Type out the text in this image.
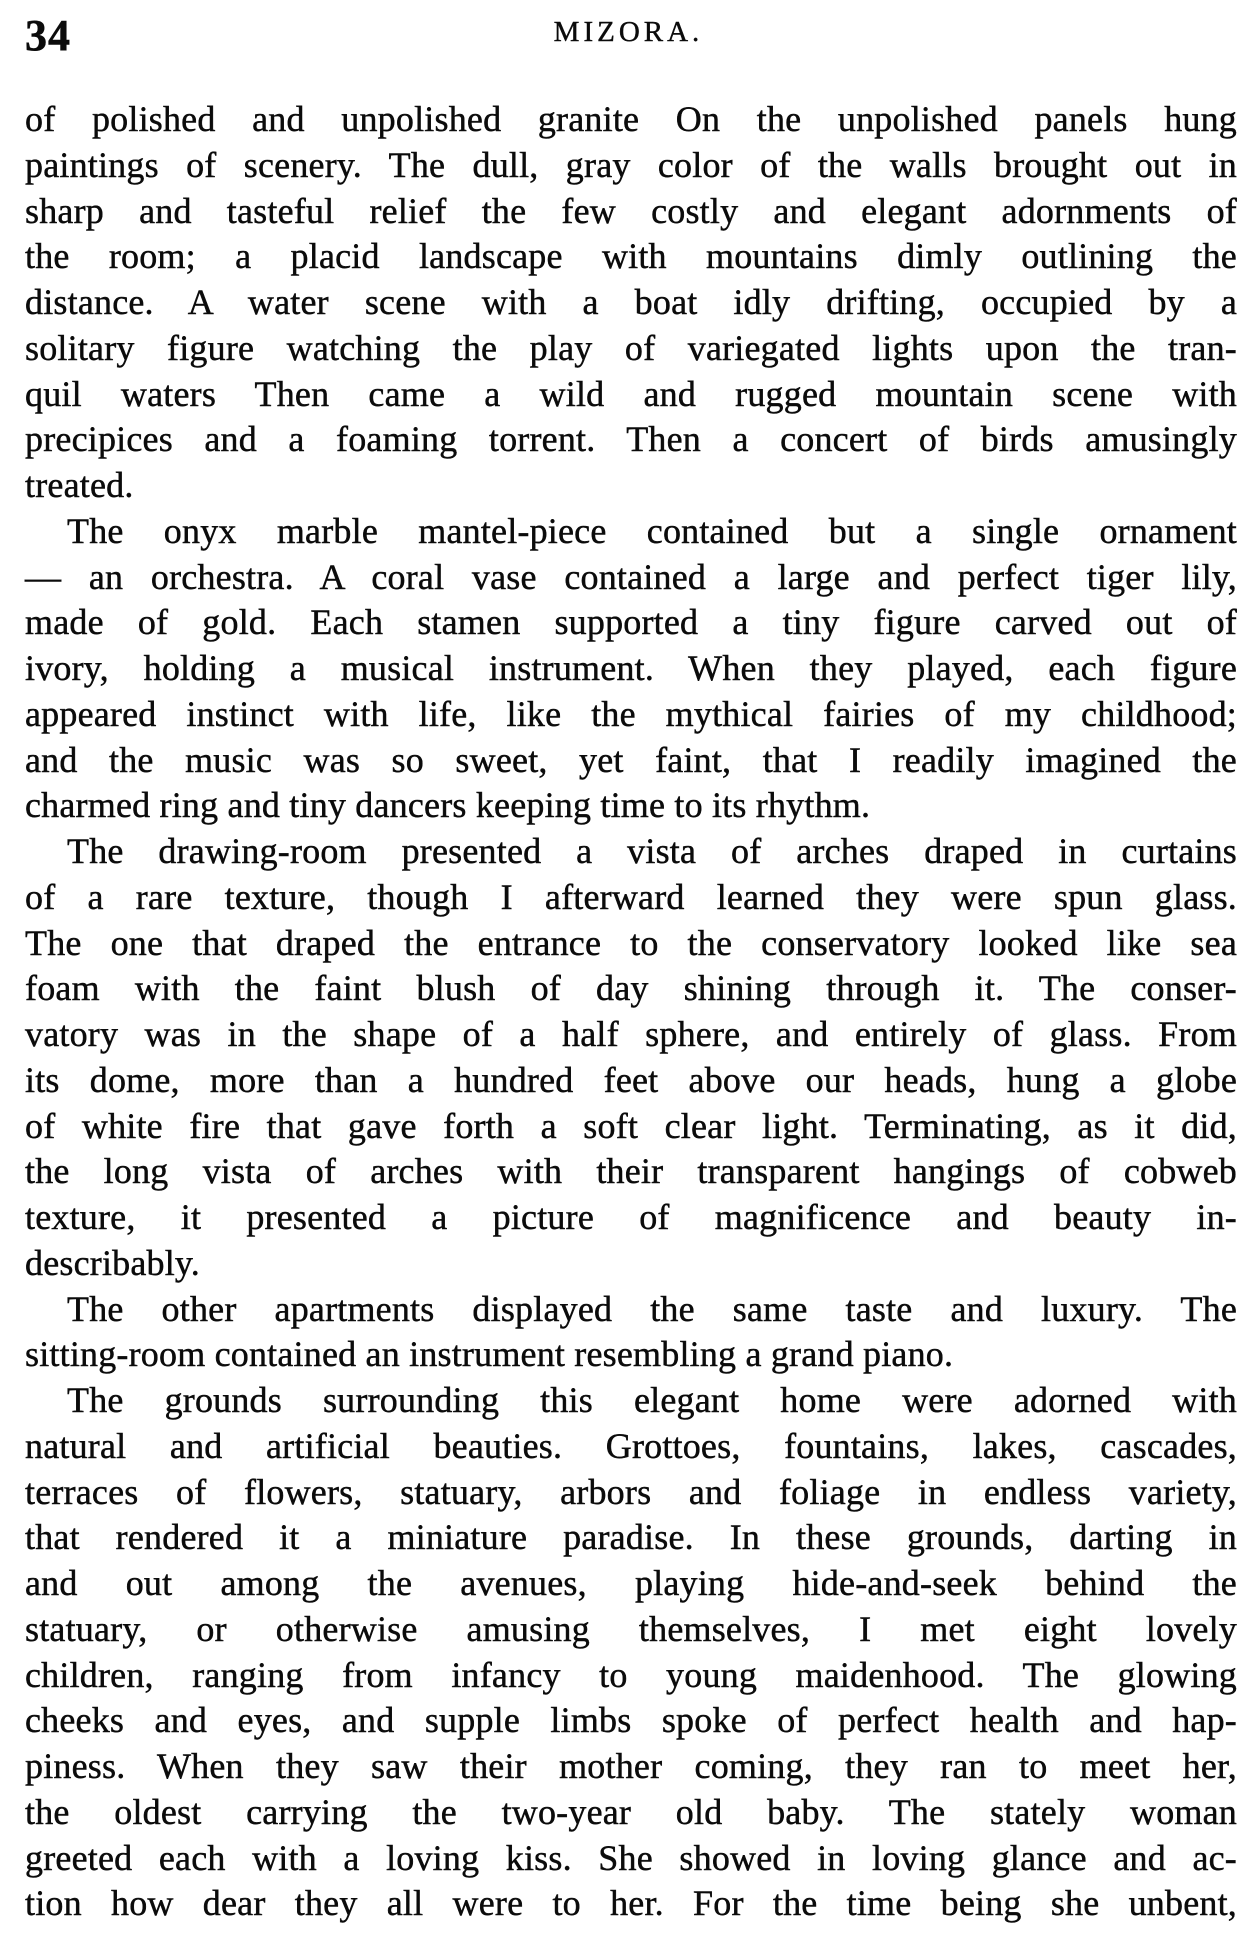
34	MIZORA.
of polished and unpolished granite On the unpolished panels hung
paintings of scenery. The dull, gray color of the walls brought out in
sharp and tasteful relief the few costly and elegant adornments of
the room; a placid landscape with mountains dimly outlining the
distance. A water scene with a boat idly drifting, occupied by a
solitary figure watching the play of variegated lights upon the tran-
quil waters Then came a wild and rugged mountain scene with
precipices and a foaming torrent. Then a concert of birds amusingly
treated.
The onyx marble mantel-piece contained but a single ornament
— an orchestra. A coral vase contained a large and perfect tiger lily,
made of gold. Each stamen supported a tiny figure carved out of
ivory, holding a musical instrument. When they played, each figure
appeared instinct with life, like the mythical fairies of my childhood;
and the music was so sweet, yet faint, that I readily imagined the
charmed ring and tiny dancers keeping time to its rhythm.
The drawing-room presented a vista of arches draped in curtains
of a rare texture, though I afterward learned they were spun glass.
The one that draped the entrance to the conservatory looked like sea
foam with the faint blush of day shining through it. The conser-
vatory was in the shape of a half sphere, and entirely of glass. From
its dome, more than a hundred feet above our heads, hung a globe
of white fire that gave forth a soft clear light. Terminating, as it did,
the long vista of arches with their transparent hangings of cobweb
texture, it presented a picture of magnificence and beauty in-
describably.
The other apartments displayed the same taste and luxury. The
sitting-room contained an instrument resembling a grand piano.
The grounds surrounding this elegant home were adorned with
natural and artificial beauties. Grottoes, fountains, lakes, cascades,
terraces of flowers, statuary, arbors and foliage in endless variety,
that rendered it a miniature paradise. In these grounds, darting in
and out among the avenues, playing hide-and-seek behind the
statuary, or otherwise amusing themselves, I met eight lovely
children, ranging from infancy to young maidenhood. The glowing
cheeks and eyes, and supple limbs spoke of perfect health and hap-
piness. When they saw their mother coming, they ran to meet her,
the oldest carrying the two-year old baby. The stately woman
greeted each with a loving kiss. She showed in loving glance and ac-
tion how dear they all were to her. For the time being she unbent,
